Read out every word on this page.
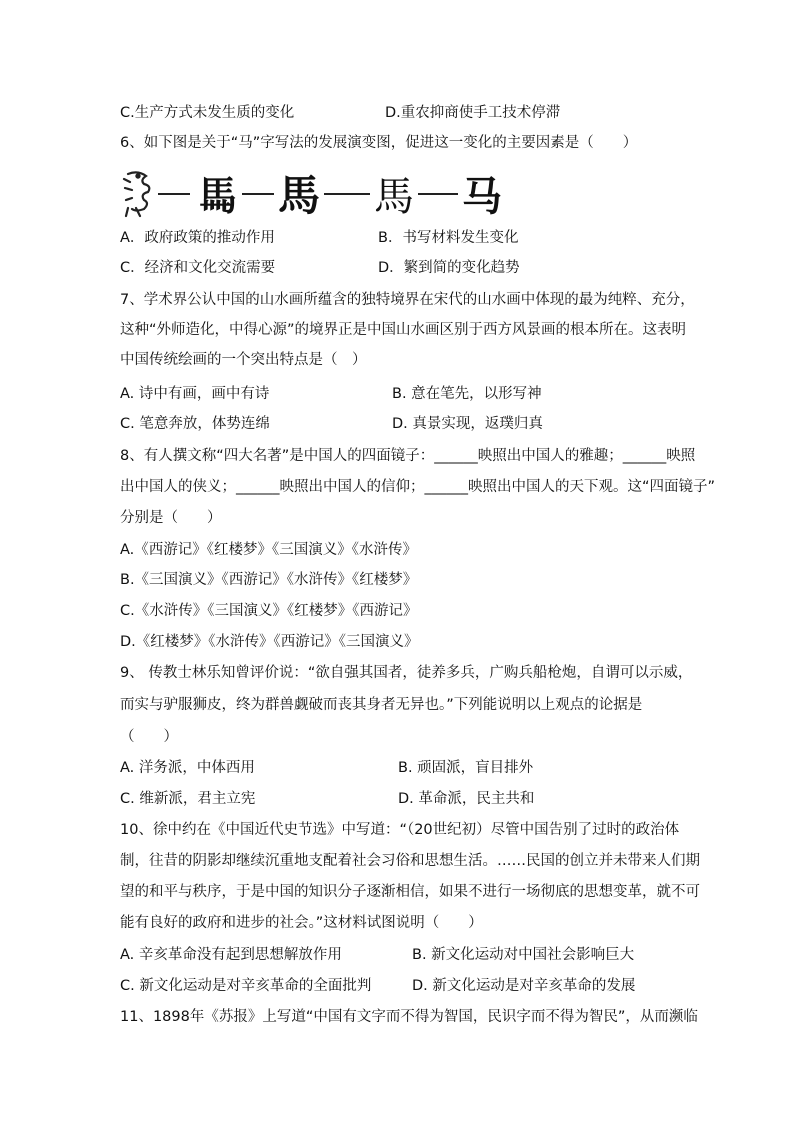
C.生产方式未发生质的变化	D.重农抑商使手工技术停滞
6、如下图是关于“马”字写法的发展演变图，促进这一变化的主要因素是（　　）
𩡧 馬 馬 马
A．政府政策的推动作用	B．书写材料发生变化
C．经济和文化交流需要	D．繁到简的变化趋势
7、学术界公认中国的山水画所蕴含的独特境界在宋代的山水画中体现的最为纯粹、充分，
这种“外师造化，中得心源”的境界正是中国山水画区别于西方风景画的根本所在。这表明
中国传统绘画的一个突出特点是（　）
A. 诗中有画，画中有诗	B. 意在笔先，以形写神
C. 笔意奔放，体势连绵	D. 真景实现，返璞归真
8、有人撰文称“四大名著”是中国人的四面镜子：______映照出中国人的雅趣；______映照
出中国人的侠义；______映照出中国人的信仰；______映照出中国人的天下观。这“四面镜子”
分别是（　　）
A.《西游记》《红楼梦》《三国演义》《水浒传》
B.《三国演义》《西游记》《水浒传》《红楼梦》
C.《水浒传》《三国演义》《红楼梦》《西游记》
D.《红楼梦》《水浒传》《西游记》《三国演义》
9、 传教士林乐知曾评价说：“欲自强其国者，徒养多兵，广购兵船枪炮，自谓可以示威，
而实与驴服狮皮，终为群兽觑破而丧其身者无异也。”下列能说明以上观点的论据是
（　　）
A. 洋务派，中体西用	B. 顽固派，盲目排外
C. 维新派，君主立宪	D. 革命派，民主共和
10、徐中约在《中国近代史节选》中写道：“（20世纪初）尽管中国告别了过时的政治体
制，往昔的阴影却继续沉重地支配着社会习俗和思想生活。……民国的创立并未带来人们期
望的和平与秩序，于是中国的知识分子逐渐相信，如果不进行一场彻底的思想变革，就不可
能有良好的政府和进步的社会。”这材料试图说明（　　）
A. 辛亥革命没有起到思想解放作用	B. 新文化运动对中国社会影响巨大
C. 新文化运动是对辛亥革命的全面批判	D. 新文化运动是对辛亥革命的发展
11、1898年《苏报》上写道“中国有文字而不得为智国，民识字而不得为智民”，从而濒临
